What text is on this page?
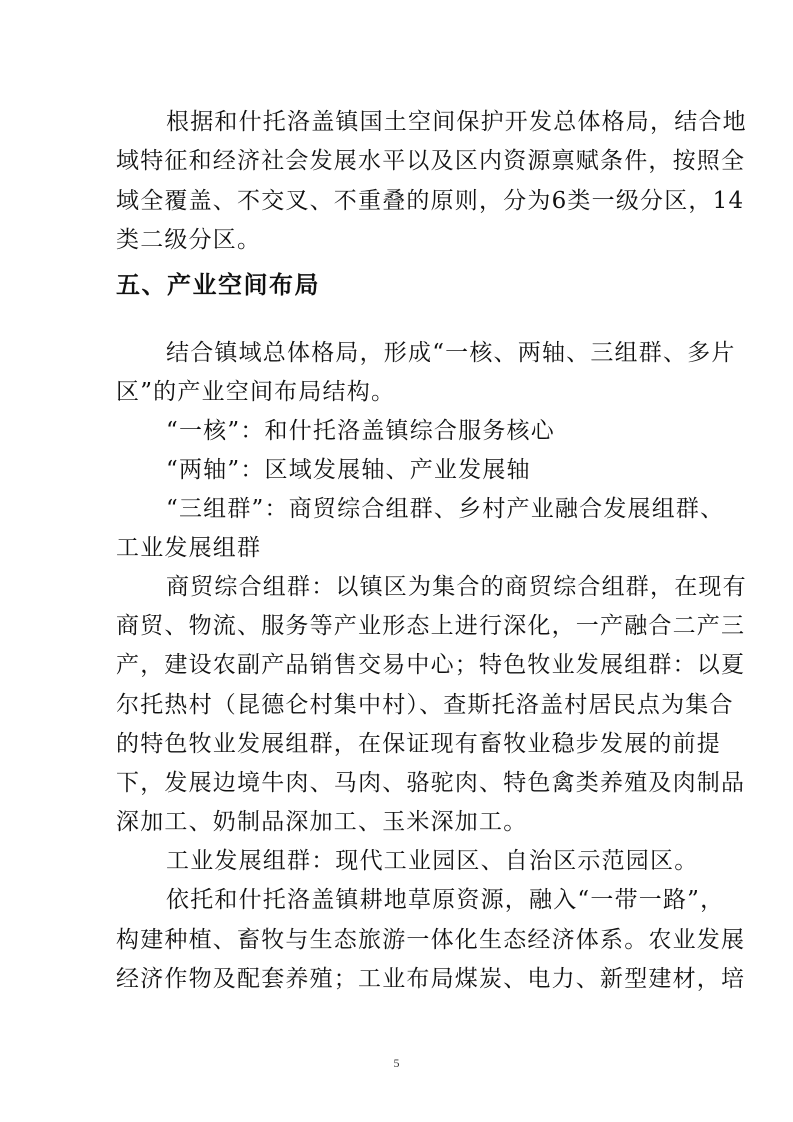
根据和什托洛盖镇国土空间保护开发总体格局，结合地
域特征和经济社会发展水平以及区内资源禀赋条件，按照全
域全覆盖、不交叉、不重叠的原则，分为6类一级分区，14
类二级分区。
五、产业空间布局
结合镇域总体格局，形成“一核、两轴、三组群、多片
区”的产业空间布局结构。
“一核”：和什托洛盖镇综合服务核心
“两轴”：区域发展轴、产业发展轴
“三组群”：商贸综合组群、乡村产业融合发展组群、
工业发展组群
商贸综合组群：以镇区为集合的商贸综合组群，在现有
商贸、物流、服务等产业形态上进行深化，一产融合二产三
产，建设农副产品销售交易中心；特色牧业发展组群：以夏
尔托热村（昆德仑村集中村）、查斯托洛盖村居民点为集合
的特色牧业发展组群，在保证现有畜牧业稳步发展的前提
下，发展边境牛肉、马肉、骆驼肉、特色禽类养殖及肉制品
深加工、奶制品深加工、玉米深加工。
工业发展组群：现代工业园区、自治区示范园区。
依托和什托洛盖镇耕地草原资源，融入“一带一路”，
构建种植、畜牧与生态旅游一体化生态经济体系。农业发展
经济作物及配套养殖；工业布局煤炭、电力、新型建材，培
5
